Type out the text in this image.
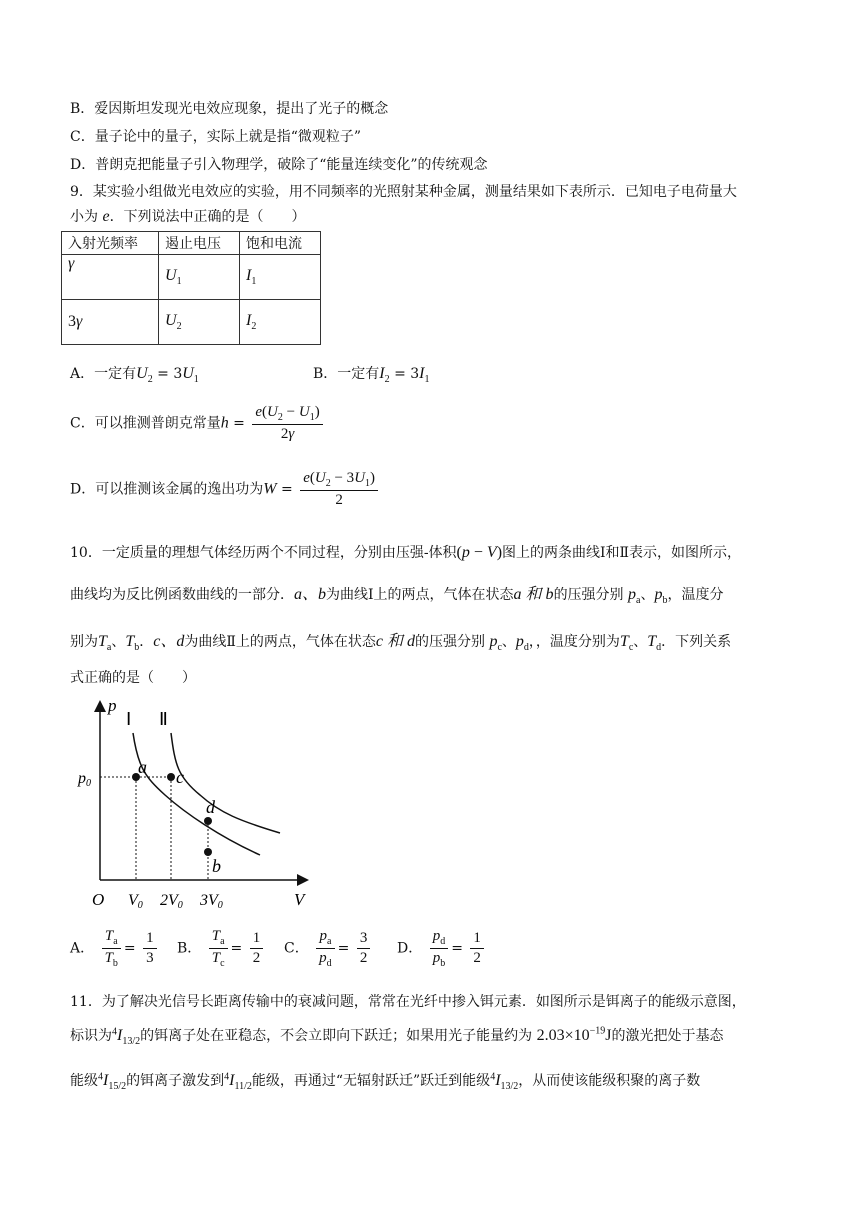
B．爱因斯坦发现光电效应现象，提出了光子的概念
C．量子论中的量子，实际上就是指“微观粒子”
D．普朗克把能量子引入物理学，破除了“能量连续变化”的传统观念
9．某实验小组做光电效应的实验，用不同频率的光照射某种金属，测量结果如下表所示．已知电子电荷量大
小为 e．下列说法中正确的是（　　）
入射光频率	遏止电压	饱和电流
γ	$U_1$	$I_1$
3γ	$U_2$	$I_2$
A．一定有$U_2 = 3U_1$	B．一定有$I_2 = 3I_1$
C．可以推测普朗克常量$h = \frac{e(U_2 - U_1)}{2\gamma}$
D．可以推测该金属的逸出功为$W = \frac{e(U_2 - 3U_1)}{2}$
10．一定质量的理想气体经历两个不同过程，分别由压强-体积(p − V)图上的两条曲线Ⅰ和Ⅱ表示，如图所示，
曲线均为反比例函数曲线的一部分．a、b为曲线Ⅰ上的两点，气体在状态a 和 b的压强分别 $p_a$、$p_b$，温度分
别为$T_a$、$T_b$．c、d为曲线Ⅱ上的两点，气体在状态c 和 d的压强分别 $p_c$、$p_d$，，温度分别为$T_c$、$T_d$．下列关系
式正确的是（　　）
p
V
O
p0
Ⅰ Ⅱ
a c
d
b
V0 2V0 3V0
A． $\frac{T_a}{T_b} = \frac{1}{3}$ B． $\frac{T_a}{T_c} = \frac{1}{2}$ C． $\frac{p_a}{p_d} = \frac{3}{2}$ D． $\frac{p_d}{p_b} = \frac{1}{2}$
11．为了解决光信号长距离传输中的衰减问题，常常在光纤中掺入铒元素．如图所示是铒离子的能级示意图，
标识为$^4I_{13/2}$的铒离子处在亚稳态，不会立即向下跃迁；如果用光子能量约为 $2.03\times 10^{-19}J$的激光把处于基态
能级$^4I_{15/2}$的铒离子激发到$^4I_{11/2}$能级，再通过“无辐射跃迁”跃迁到能级$^4I_{13/2}$，从而使该能级积聚的离子数
